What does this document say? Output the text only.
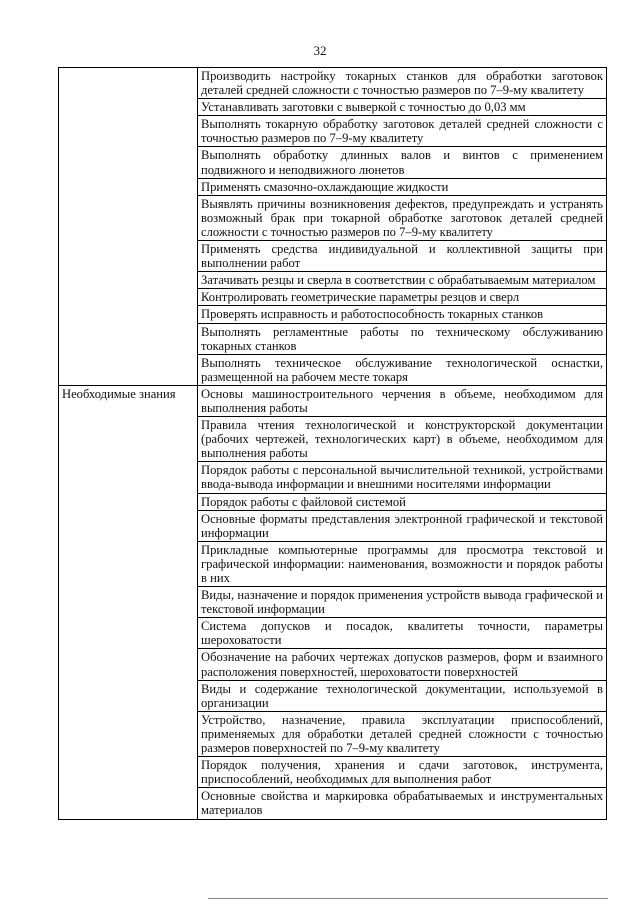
32
	Производить настройку токарных станков для обработки заготовок деталей средней сложности с точностью размеров по 7–9-му квалитету
	Устанавливать заготовки с выверкой с точностью до 0,03 мм
	Выполнять токарную обработку заготовок деталей средней сложности с точностью размеров по 7–9-му квалитету
	Выполнять обработку длинных валов и винтов с применением подвижного и неподвижного люнетов
	Применять смазочно-охлаждающие жидкости
	Выявлять причины возникновения дефектов, предупреждать и устранять возможный брак при токарной обработке заготовок деталей средней сложности с точностью размеров по 7–9-му квалитету
	Применять средства индивидуальной и коллективной защиты при выполнении работ
	Затачивать резцы и сверла в соответствии с обрабатываемым материалом
	Контролировать геометрические параметры резцов и сверл
	Проверять исправность и работоспособность токарных станков
	Выполнять регламентные работы по техническому обслуживанию токарных станков
	Выполнять техническое обслуживание технологической оснастки, размещенной на рабочем месте токаря
Необходимые знания	Основы машиностроительного черчения в объеме, необходимом для выполнения работы
	Правила чтения технологической и конструкторской документации (рабочих чертежей, технологических карт) в объеме, необходимом для выполнения работы
	Порядок работы с персональной вычислительной техникой, устройствами ввода-вывода информации и внешними носителями информации
	Порядок работы с файловой системой
	Основные форматы представления электронной графической и текстовой информации
	Прикладные компьютерные программы для просмотра текстовой и графической информации: наименования, возможности и порядок работы в них
	Виды, назначение и порядок применения устройств вывода графической и текстовой информации
	Система допусков и посадок, квалитеты точности, параметры шероховатости
	Обозначение на рабочих чертежах допусков размеров, форм и взаимного расположения поверхностей, шероховатости поверхностей
	Виды и содержание технологической документации, используемой в организации
	Устройство, назначение, правила эксплуатации приспособлений, применяемых для обработки деталей средней сложности с точностью размеров поверхностей по 7–9-му квалитету
	Порядок получения, хранения и сдачи заготовок, инструмента, приспособлений, необходимых для выполнения работ
	Основные свойства и маркировка обрабатываемых и инструментальных материалов
